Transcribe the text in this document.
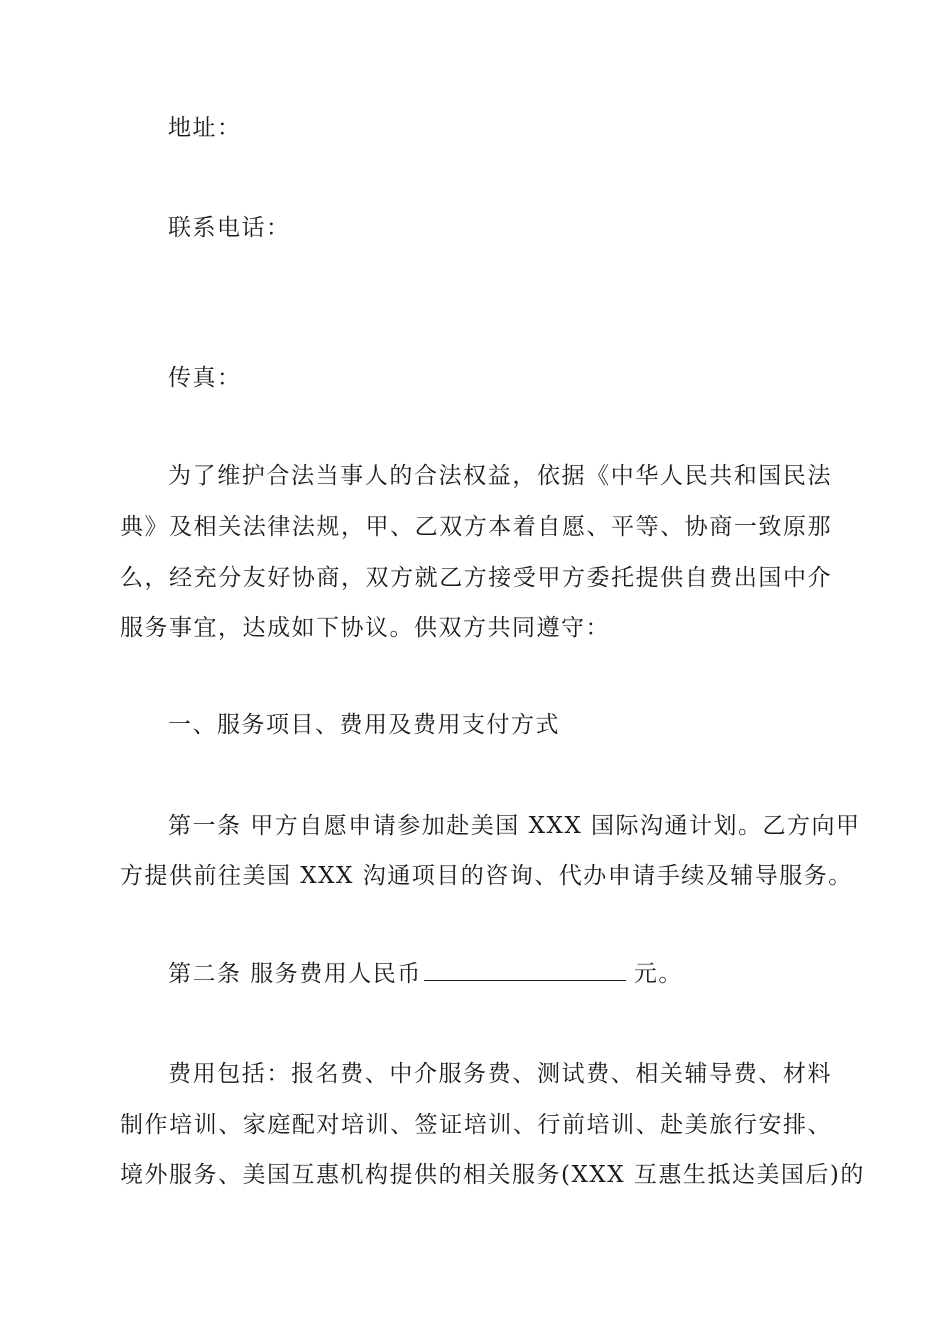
地址：
联系电话：
传真：
为了维护合法当事人的合法权益，依据《中华人民共和国民法
典》及相关法律法规，甲、乙双方本着自愿、平等、协商一致原那
么，经充分友好协商，双方就乙方接受甲方委托提供自费出国中介
服务事宜，达成如下协议。供双方共同遵守：
一、服务项目、费用及费用支付方式
第一条 甲方自愿申请参加赴美国 XXX 国际沟通计划。乙方向甲
方提供前往美国 XXX 沟通项目的咨询、代办申请手续及辅导服务。
第二条 服务费用人民币	元。
费用包括：报名费、中介服务费、测试费、相关辅导费、材料
制作培训、家庭配对培训、签证培训、行前培训、赴美旅行安排、
境外服务、美国互惠机构提供的相关服务(XXX 互惠生抵达美国后)的
